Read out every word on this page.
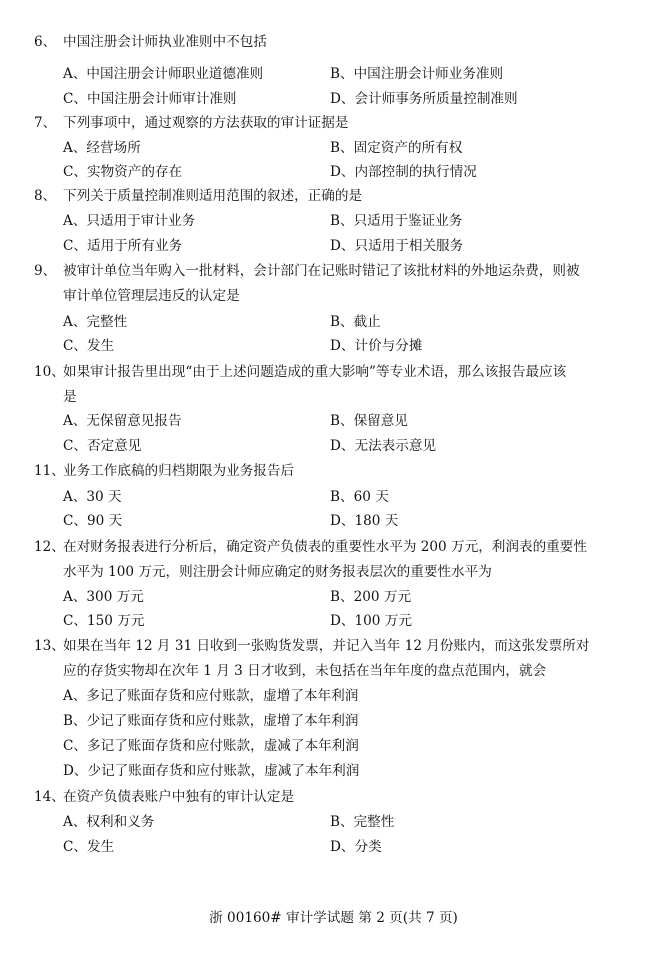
6、 中国注册会计师执业准则中不包括
A、中国注册会计师职业道德准则	B、中国注册会计师业务准则
C、中国注册会计师审计准则	D、会计师事务所质量控制准则
7、 下列事项中，通过观察的方法获取的审计证据是
A、经营场所	B、固定资产的所有权
C、实物资产的存在	D、内部控制的执行情况
8、 下列关于质量控制准则适用范围的叙述，正确的是
A、只适用于审计业务	B、只适用于鉴证业务
C、适用于所有业务	D、只适用于相关服务
9、 被审计单位当年购入一批材料，会计部门在记账时错记了该批材料的外地运杂费，则被
审计单位管理层违反的认定是
A、完整性	B、截止
C、发生	D、计价与分摊
10、
如果审计报告里出现“由于上述问题造成的重大影响”等专业术语，那么该报告最应该
是
A、无保留意见报告	B、保留意见
C、否定意见	D、无法表示意见
11、
业务工作底稿的归档期限为业务报告后
A、30 天	B、60 天
C、90 天	D、180 天
12、
在对财务报表进行分析后，确定资产负债表的重要性水平为 200 万元，利润表的重要性
水平为 100 万元，则注册会计师应确定的财务报表层次的重要性水平为
A、300 万元	B、200 万元
C、150 万元	D、100 万元
13、
如果在当年 12 月 31 日收到一张购货发票，并记入当年 12 月份账内，而这张发票所对
应的存货实物却在次年 1 月 3 日才收到，未包括在当年年度的盘点范围内，就会
A、多记了账面存货和应付账款，虚增了本年利润
B、少记了账面存货和应付账款，虚增了本年利润
C、多记了账面存货和应付账款，虚减了本年利润
D、少记了账面存货和应付账款，虚减了本年利润
14、
在资产负债表账户中独有的审计认定是
A、权利和义务	B、完整性
C、发生	D、分类
浙 00160# 审计学试题 第 2 页(共 7 页)
